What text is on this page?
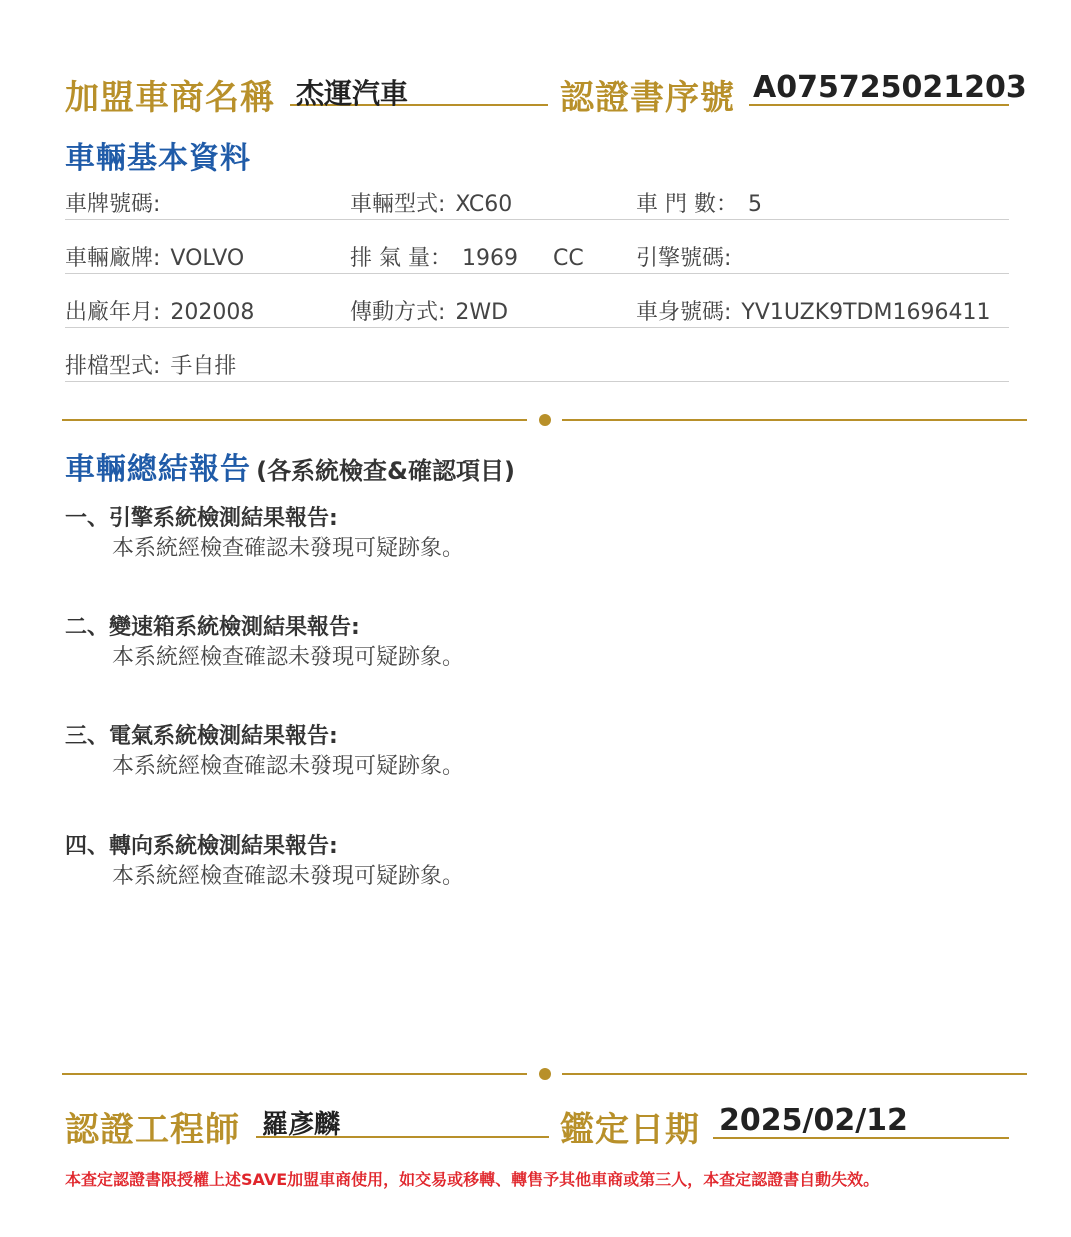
加盟車商名稱 杰運汽車	認證書序號 A075725021203
車輛基本資料
車牌號碼:	車輛型式: XC60	車 門 數： 5
車輛廠牌: VOLVO	排 氣 量： 1969     CC 引擎號碼:
出廠年月: 202008	傳動方式: 2WD	車身號碼: YV1UZK9TDM1696411
排檔型式: 手自排
車輛總結報告 (各系統檢查&確認項目)
一、引擎系統檢測結果報告:
本系統經檢查確認未發現可疑跡象。
二、變速箱系統檢測結果報告:
本系統經檢查確認未發現可疑跡象。
三、電氣系統檢測結果報告:
本系統經檢查確認未發現可疑跡象。
四、轉向系統檢測結果報告:
本系統經檢查確認未發現可疑跡象。
認證工程師 羅彥麟	鑑定日期 2025/02/12
本查定認證書限授權上述SAVE加盟車商使用，如交易或移轉、轉售予其他車商或第三人，本查定認證書自動失效。
